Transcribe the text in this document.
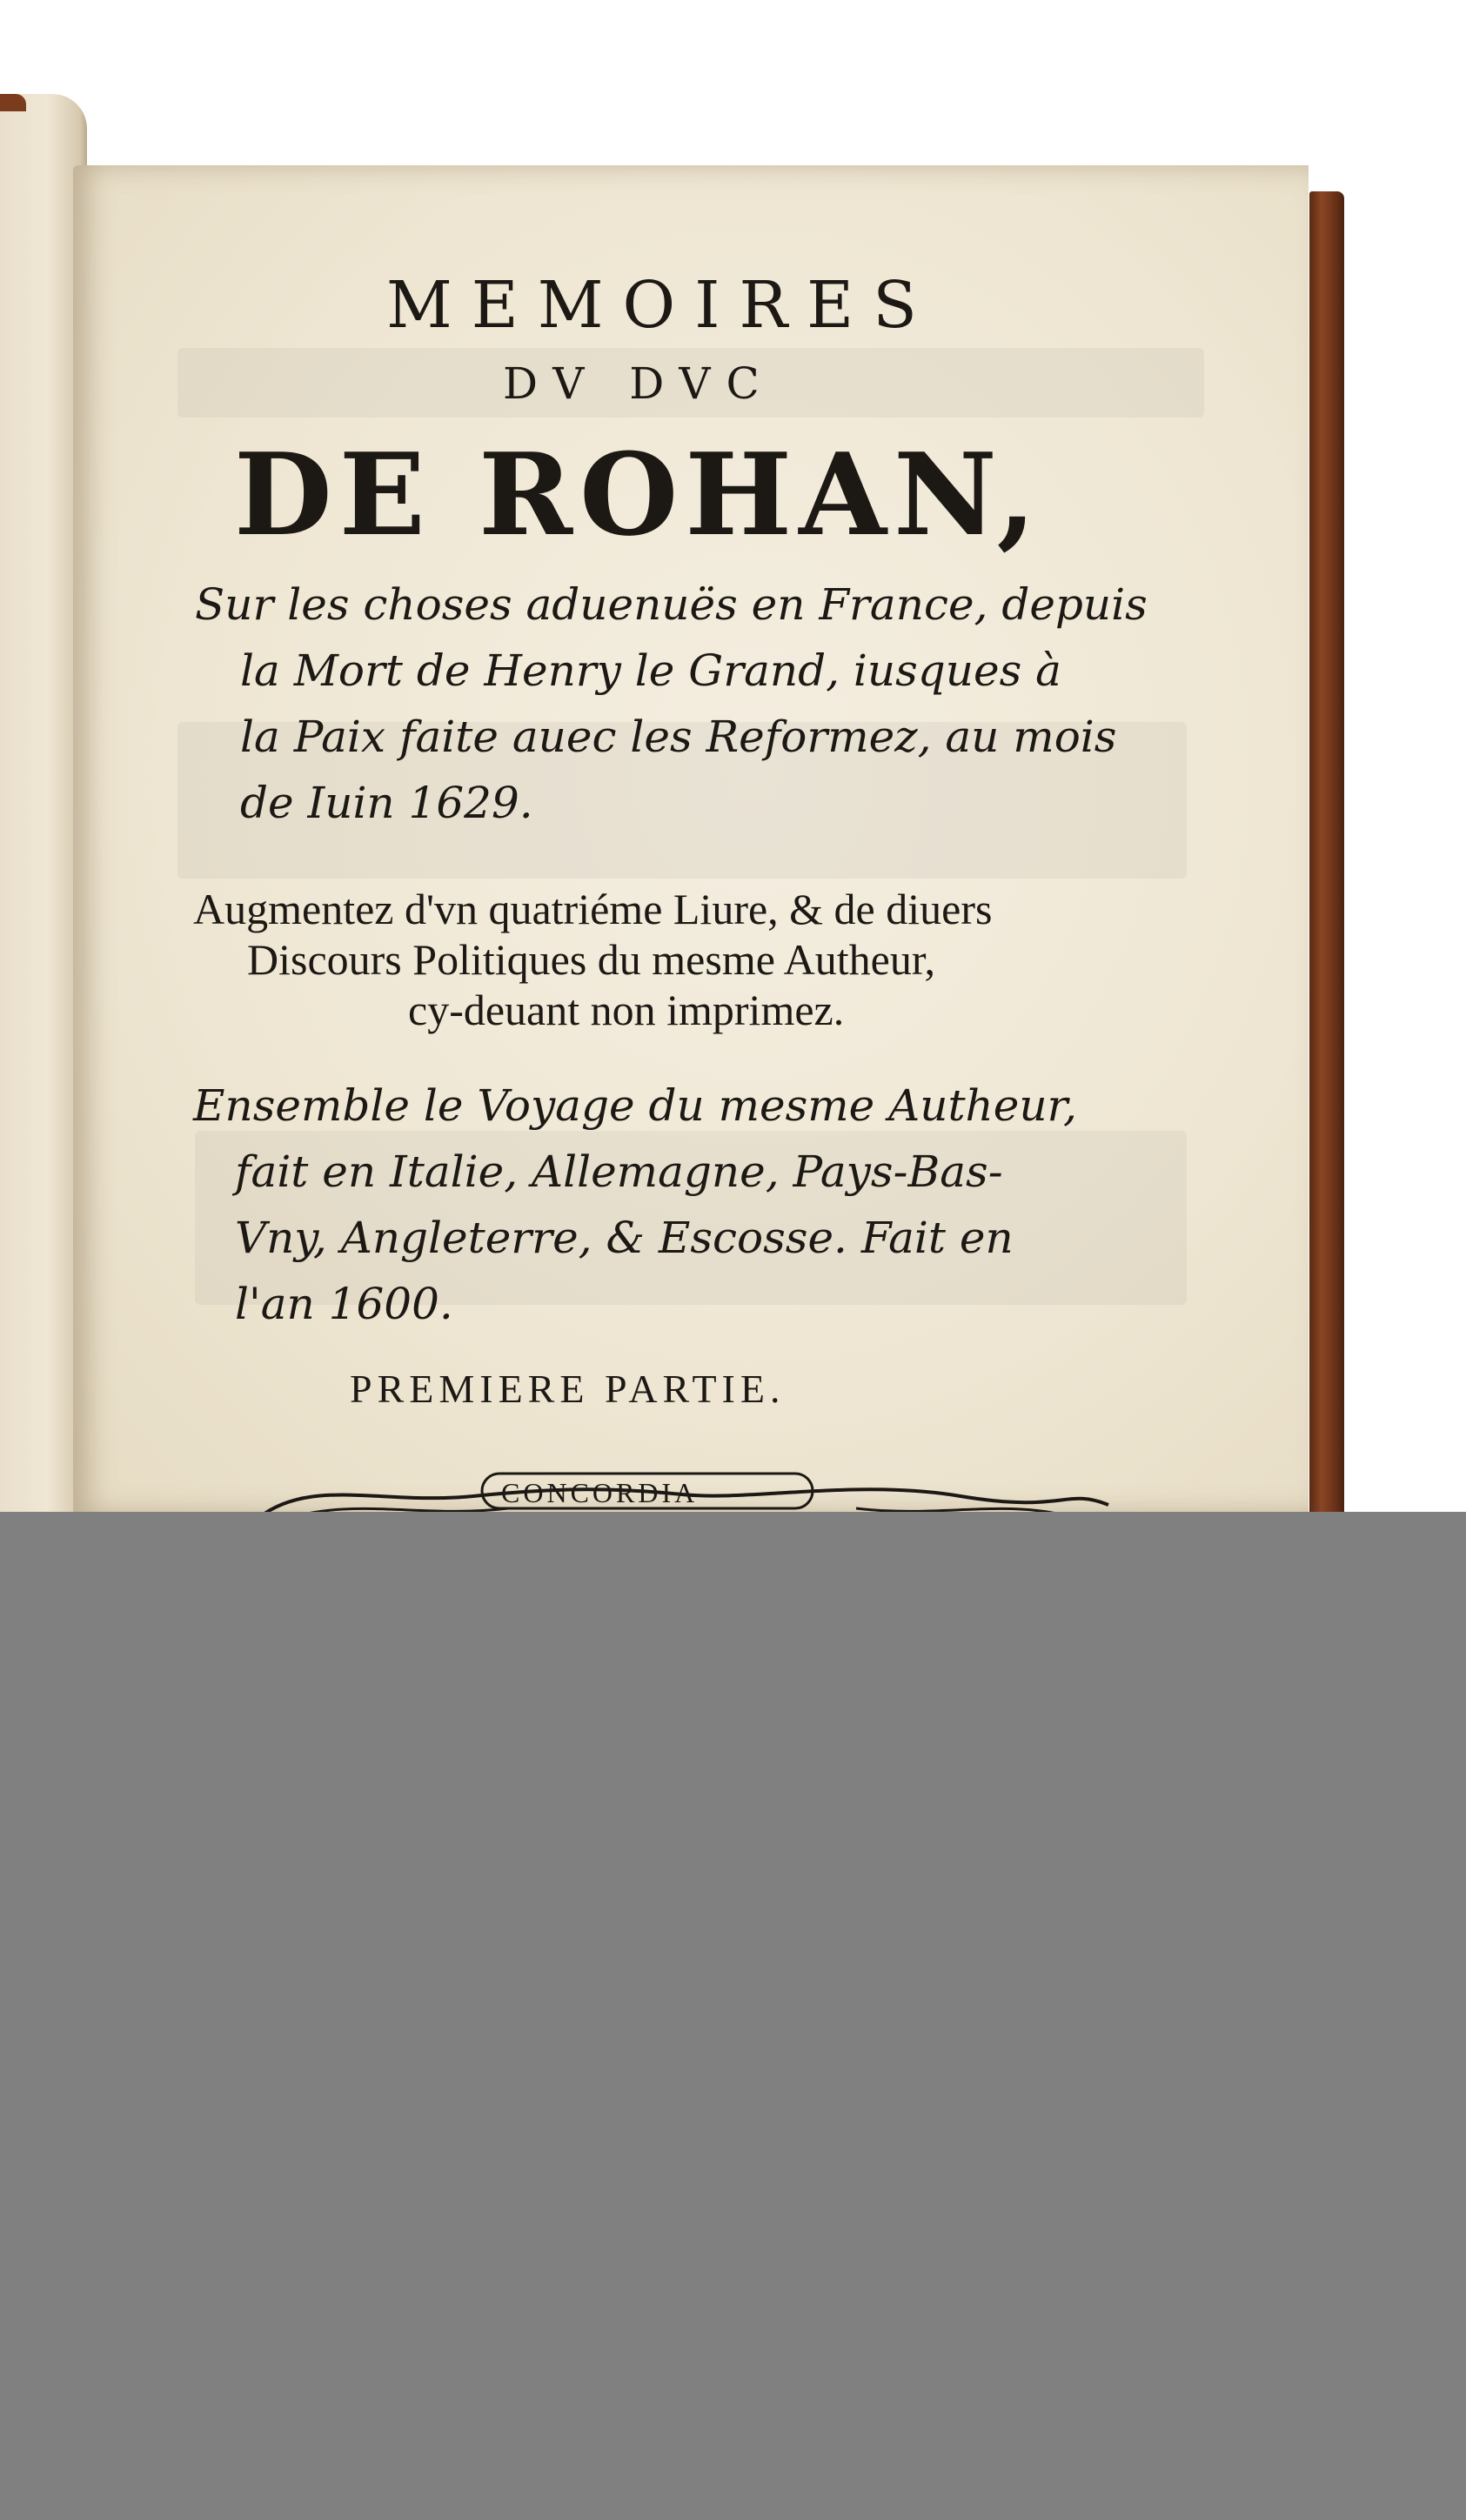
MEMOIRES
DV DVC
DE ROHAN,
Sur les choses aduenuës en France, depuis
la Mort de Henry le Grand, iusques à
la Paix faite auec les Reformez, au mois
de Iuin 1629.
Augmentez d'vn quatriéme Liure, & de diuers
Discours Politiques du mesme Autheur,
cy-deuant non imprimez.
Ensemble le Voyage du mesme Autheur,
fait en Italie, Allemagne, Pays-Bas-
Vny, Angleterre, & Escosse. Fait en
l'an 1600.
PREMIERE PARTIE.
CONCORDIA
